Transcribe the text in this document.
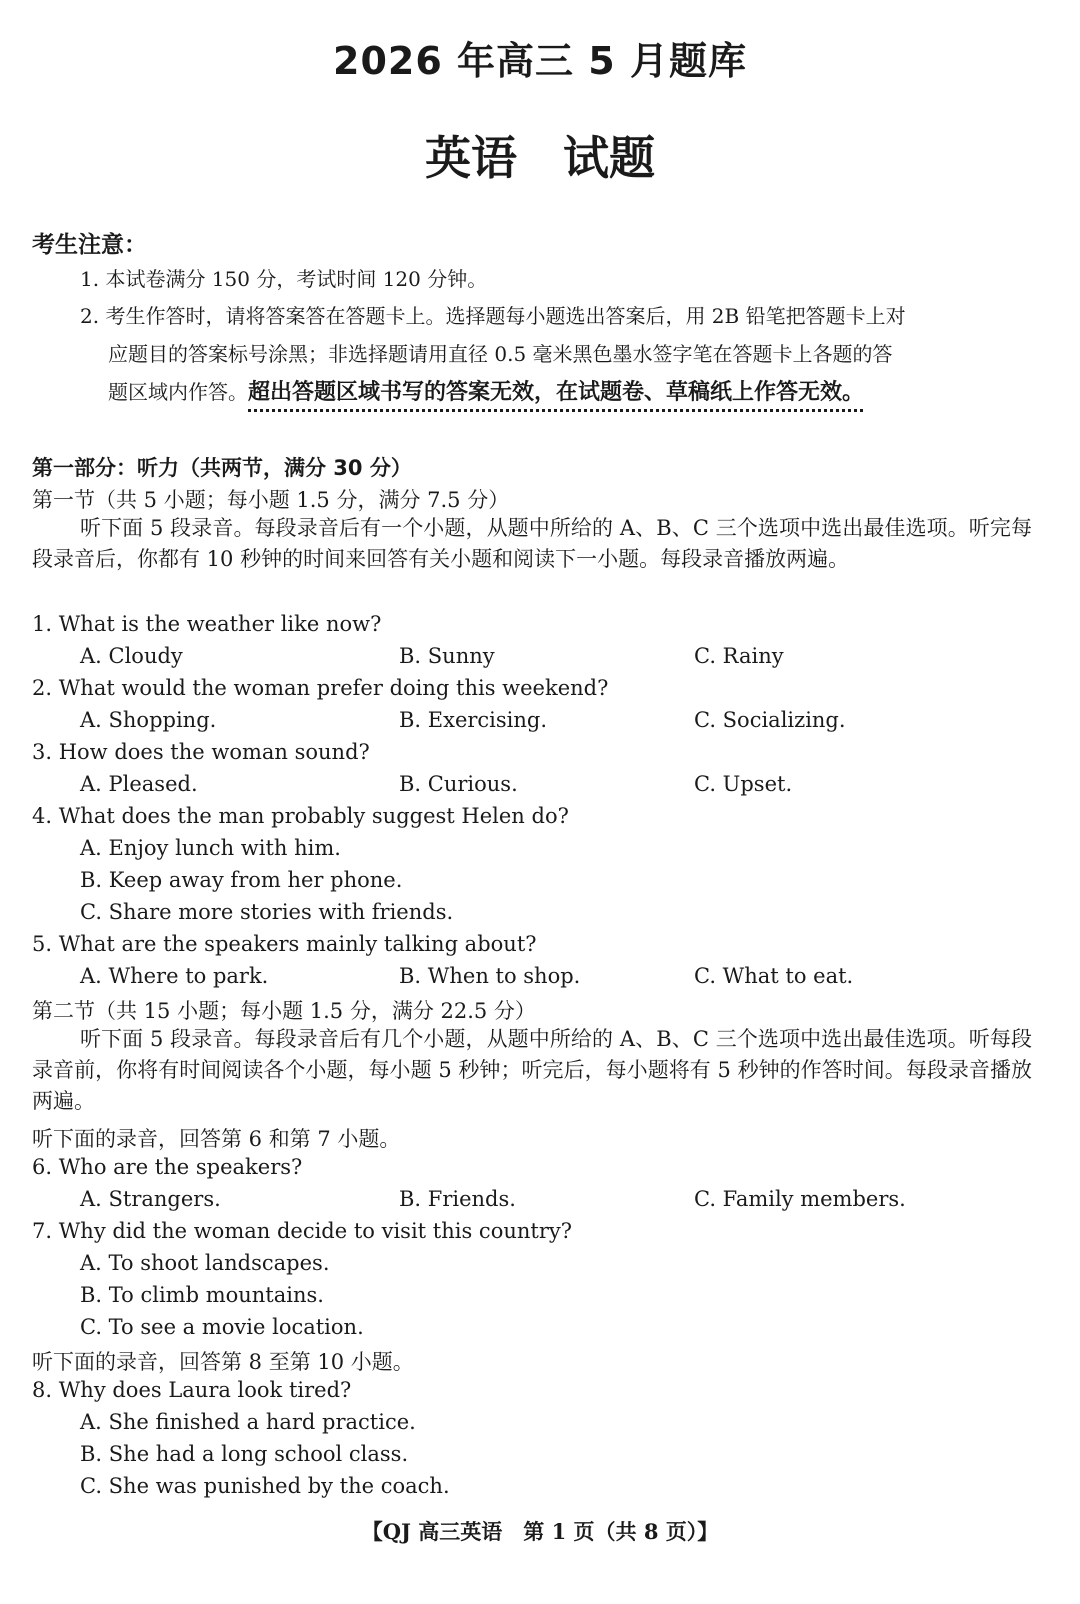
2026 年高三 5 月题库
英语　试题
考生注意：
1. 本试卷满分 150 分，考试时间 120 分钟。
2. 考生作答时，请将答案答在答题卡上。选择题每小题选出答案后，用 2B 铅笔把答题卡上对
应题目的答案标号涂黑；非选择题请用直径 0.5 毫米黑色墨水签字笔在答题卡上各题的答
题区域内作答。超出答题区域书写的答案无效，在试题卷、草稿纸上作答无效。
第一部分：听力（共两节，满分 30 分）
第一节（共 5 小题；每小题 1.5 分，满分 7.5 分）
听下面 5 段录音。每段录音后有一个小题，从题中所给的 A、B、C 三个选项中选出最佳选项。听完每段录音后，你都有 10 秒钟的时间来回答有关小题和阅读下一小题。每段录音播放两遍。
1. What is the weather like now?
A. Cloudy	B. Sunny	C. Rainy
2. What would the woman prefer doing this weekend?
A. Shopping.	B. Exercising.	C. Socializing.
3. How does the woman sound?
A. Pleased.	B. Curious.	C. Upset.
4. What does the man probably suggest Helen do?
A. Enjoy lunch with him.
B. Keep away from her phone.
C. Share more stories with friends.
5. What are the speakers mainly talking about?
A. Where to park.	B. When to shop.	C. What to eat.
第二节（共 15 小题；每小题 1.5 分，满分 22.5 分）
听下面 5 段录音。每段录音后有几个小题，从题中所给的 A、B、C 三个选项中选出最佳选项。听每段录音前，你将有时间阅读各个小题，每小题 5 秒钟；听完后，每小题将有 5 秒钟的作答时间。每段录音播放两遍。
听下面的录音，回答第 6 和第 7 小题。
6. Who are the speakers?
A. Strangers.	B. Friends.	C. Family members.
7. Why did the woman decide to visit this country?
A. To shoot landscapes.
B. To climb mountains.
C. To see a movie location.
听下面的录音，回答第 8 至第 10 小题。
8. Why does Laura look tired?
A. She finished a hard practice.
B. She had a long school class.
C. She was punished by the coach.
【QJ 高三英语　第 1 页（共 8 页）】
